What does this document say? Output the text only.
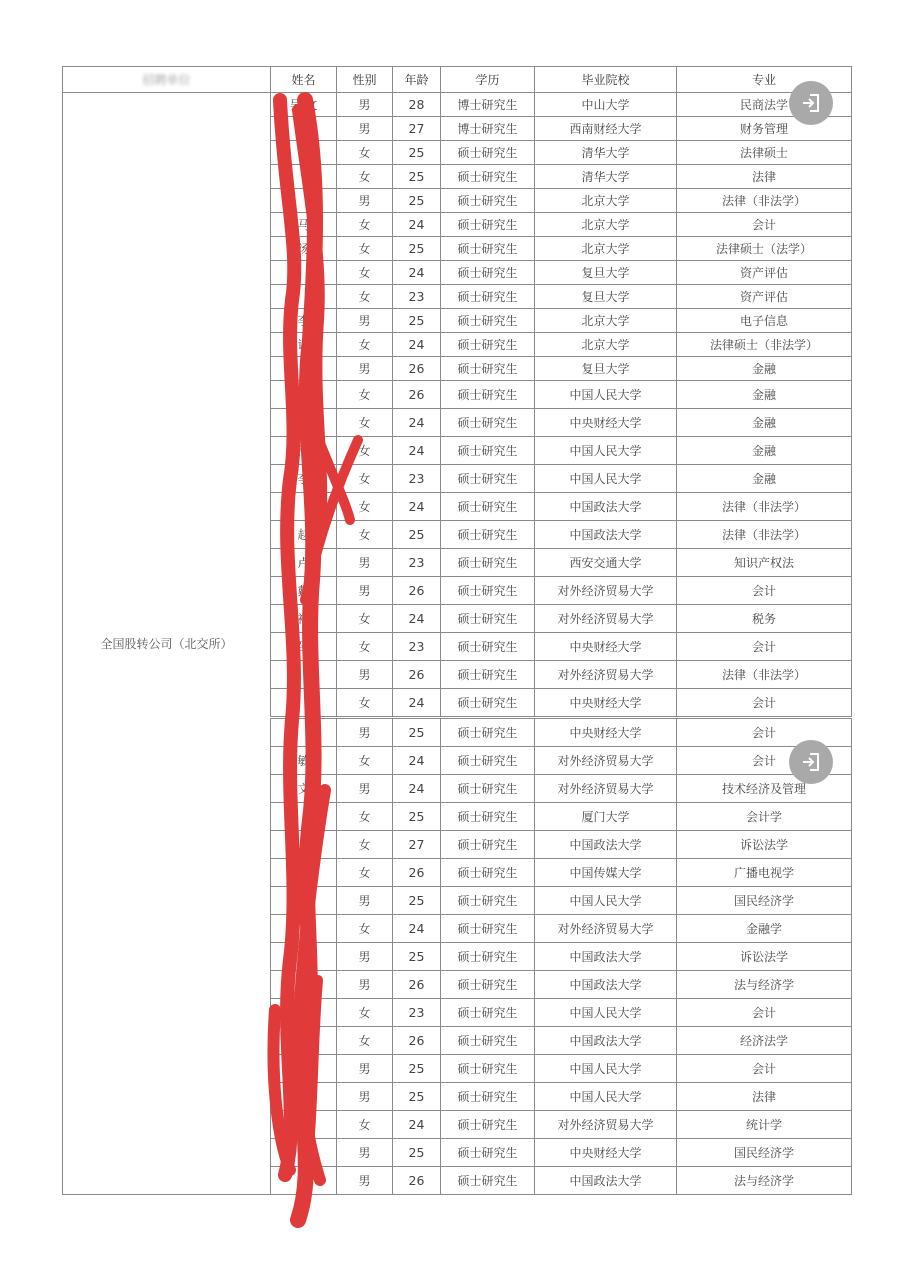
招聘单位	姓名	性别	年龄	学历	毕业院校	专业
全国股转公司（北交所）	吴 文	男	28	博士研究生	中山大学	民商法学
	邱	男	27	博士研究生	西南财经大学	财务管理
		女	25	硕士研究生	清华大学	法律硕士
		女	25	硕士研究生	清华大学	法律
		男	25	硕士研究生	北京大学	法律（非法学）
	马	女	24	硕士研究生	北京大学	会计
	汤	女	25	硕士研究生	北京大学	法律硕士（法学）
		女	24	硕士研究生	复旦大学	资产评估
		女	23	硕士研究生	复旦大学	资产评估
	李	男	25	硕士研究生	北京大学	电子信息
	谌	女	24	硕士研究生	北京大学	法律硕士（非法学）
		男	26	硕士研究生	复旦大学	金融
	刘	女	26	硕士研究生	中国人民大学	金融
	孙	女	24	硕士研究生	中央财经大学	金融
	潘	女	24	硕士研究生	中国人民大学	金融
	李	女	23	硕士研究生	中国人民大学	金融
		女	24	硕士研究生	中国政法大学	法律（非法学）
	赵	女	25	硕士研究生	中国政法大学	法律（非法学）
	卢	男	23	硕士研究生	西安交通大学	知识产权法
	戴	男	26	硕士研究生	对外经济贸易大学	会计
	褚	女	24	硕士研究生	对外经济贸易大学	税务
	邵	女	23	硕士研究生	中央财经大学	会计
		男	26	硕士研究生	对外经济贸易大学	法律（非法学）
		女	24	硕士研究生	中央财经大学	会计
		男	25	硕士研究生	中央财经大学	会计
	敏	女	24	硕士研究生	对外经济贸易大学	会计
	文	男	24	硕士研究生	对外经济贸易大学	技术经济及管理
		女	25	硕士研究生	厦门大学	会计学
		女	27	硕士研究生	中国政法大学	诉讼法学
		女	26	硕士研究生	中国传媒大学	广播电视学
		男	25	硕士研究生	中国人民大学	国民经济学
		女	24	硕士研究生	对外经济贸易大学	金融学
	祥	男	25	硕士研究生	中国政法大学	诉讼法学
		男	26	硕士研究生	中国政法大学	法与经济学
		女	23	硕士研究生	中国人民大学	会计
	郑	女	26	硕士研究生	中国政法大学	经济法学
	林	男	25	硕士研究生	中国人民大学	会计
		男	25	硕士研究生	中国人民大学	法律
		女	24	硕士研究生	对外经济贸易大学	统计学
		男	25	硕士研究生	中央财经大学	国民经济学
		男	26	硕士研究生	中国政法大学	法与经济学
